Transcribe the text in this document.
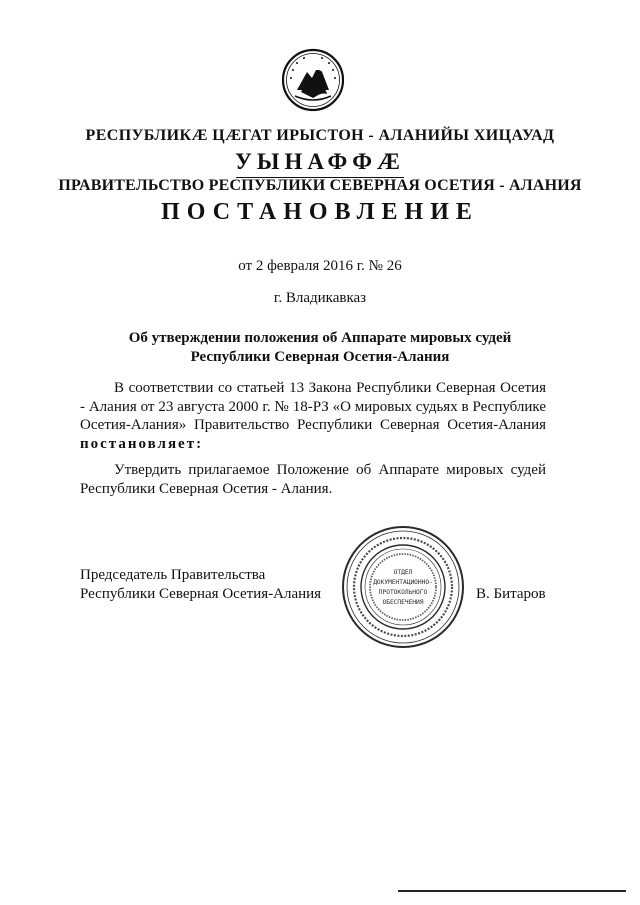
РЕСПУБЛИКӔ ЦӔГАТ ИРЫСТОН - АЛАНИЙЫ ХИЦАУАД
УЫНАФФӔ
ПРАВИТЕЛЬСТВО РЕСПУБЛИКИ СЕВЕРНАЯ ОСЕТИЯ - АЛАНИЯ
ПОСТАНОВЛЕНИЕ
от 2 февраля 2016 г. № 26
г. Владикавказ
Об утверждении положения об Аппарате мировых судей
Республики Северная Осетия-Алания
В соответствии со статьей 13 Закона Республики Северная Осетия - Алания от 23 августа 2000 г. № 18-РЗ «О мировых судьях в Республике Осетия-Алания» Правительство Республики Северная Осетия-Алания постановляет:
Утвердить прилагаемое Положение об Аппарате мировых судей Республики Северная Осетия - Алания.
Председатель Правительства
Республики Северная Осетия-Алания
ОТДЕЛ
ДОКУМЕНТАЦИОННО-
ПРОТОКОЛЬНОГО
ОБЕСПЕЧЕНИЯ
В. Битаров
